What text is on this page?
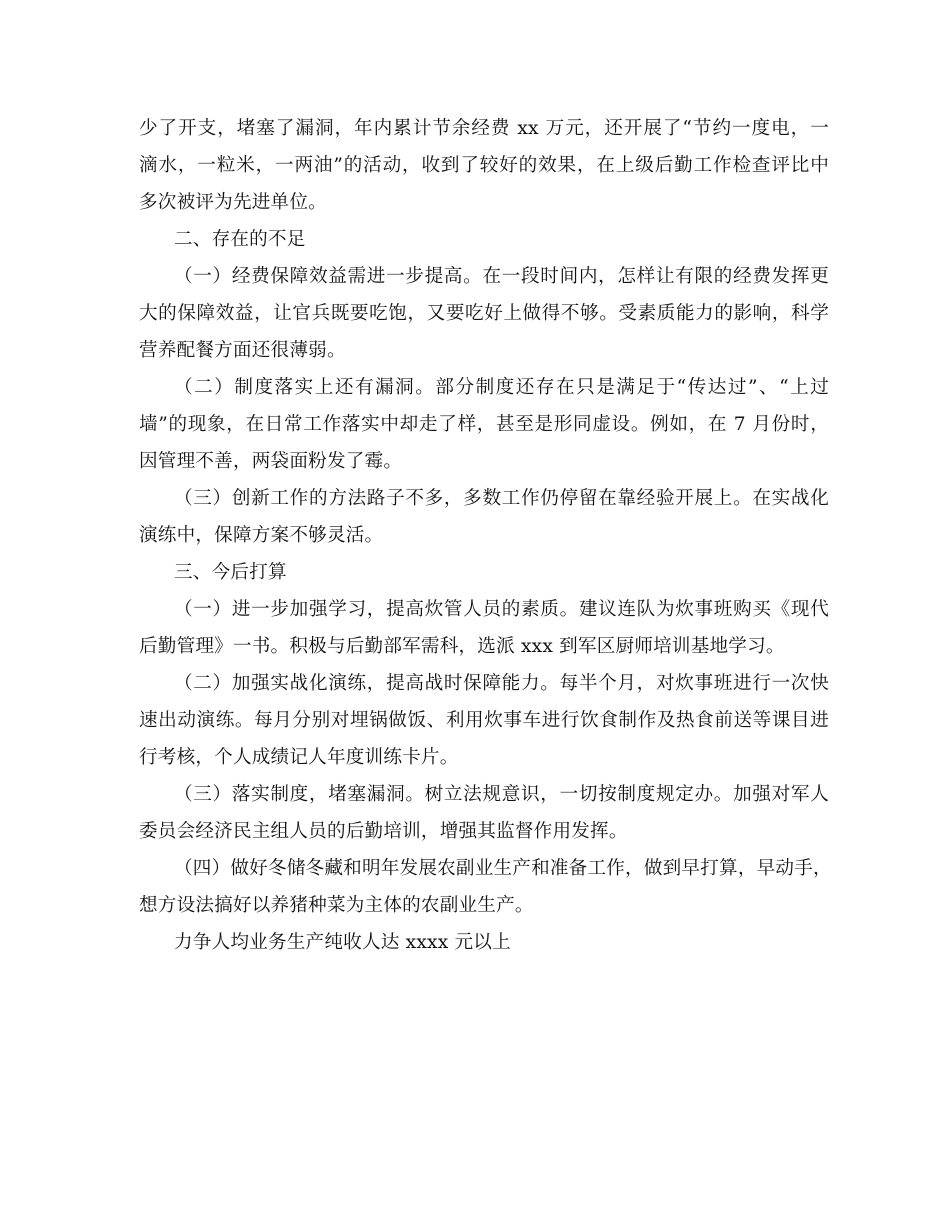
少了开支，堵塞了漏洞，年内累计节余经费 xx 万元，还开展了“节约一度电，一
滴水，一粒米，一两油”的活动，收到了较好的效果，在上级后勤工作检查评比中
多次被评为先进单位。
二、存在的不足
（一）经费保障效益需进一步提高。在一段时间内，怎样让有限的经费发挥更
大的保障效益，让官兵既要吃饱，又要吃好上做得不够。受素质能力的影响，科学
营养配餐方面还很薄弱。
（二）制度落实上还有漏洞。部分制度还存在只是满足于“传达过”、“上过
墙”的现象，在日常工作落实中却走了样，甚至是形同虚设。例如，在 7 月份时，
因管理不善，两袋面粉发了霉。
（三）创新工作的方法路子不多，多数工作仍停留在靠经验开展上。在实战化
演练中，保障方案不够灵活。
三、今后打算
（一）进一步加强学习，提高炊管人员的素质。建议连队为炊事班购买《现代
后勤管理》一书。积极与后勤部军需科，选派 xxx 到军区厨师培训基地学习。
（二）加强实战化演练，提高战时保障能力。每半个月，对炊事班进行一次快
速出动演练。每月分别对埋锅做饭、利用炊事车进行饮食制作及热食前送等课目进
行考核，个人成绩记人年度训练卡片。
（三）落实制度，堵塞漏洞。树立法规意识，一切按制度规定办。加强对军人
委员会经济民主组人员的后勤培训，增强其监督作用发挥。
（四）做好冬储冬藏和明年发展农副业生产和准备工作，做到早打算，早动手，
想方设法搞好以养猪种菜为主体的农副业生产。
力争人均业务生产纯收人达 xxxx 元以上
